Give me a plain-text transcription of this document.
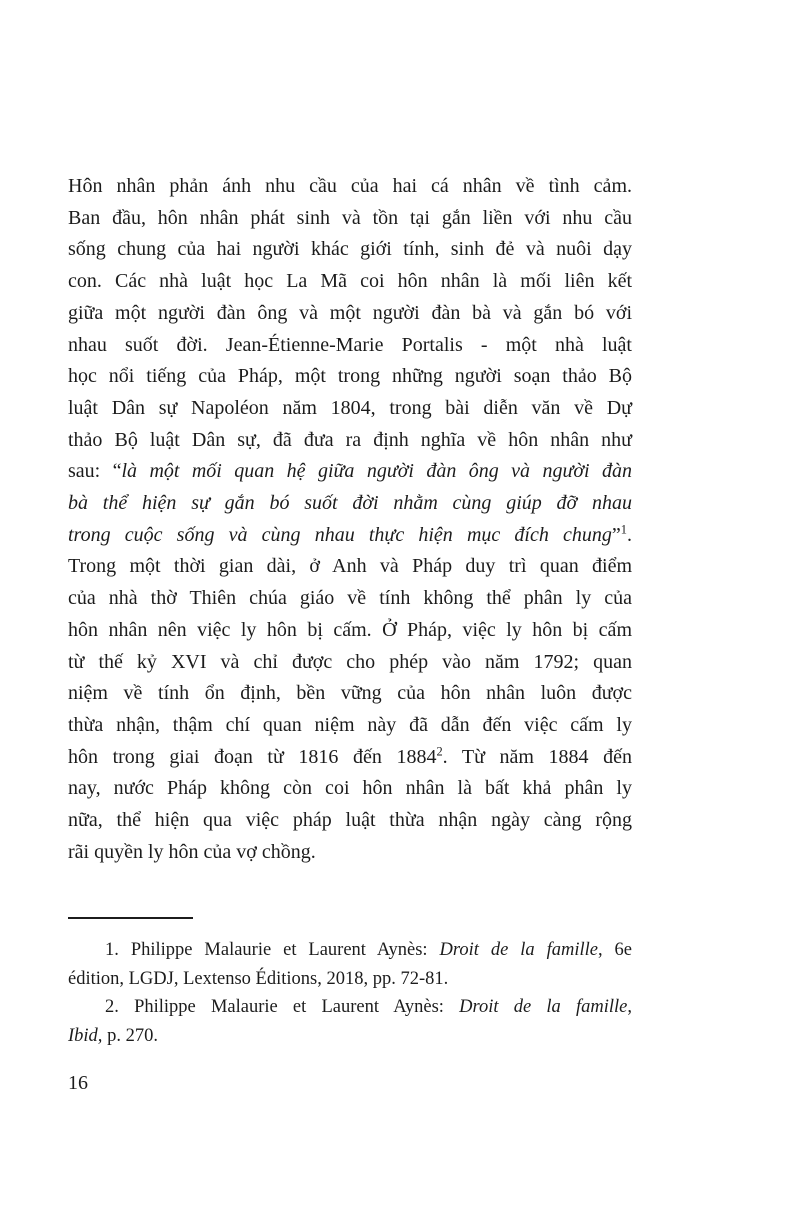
Hôn nhân phản ánh nhu cầu của hai cá nhân về tình cảm.
Ban đầu, hôn nhân phát sinh và tồn tại gắn liền với nhu cầu
sống chung của hai người khác giới tính, sinh đẻ và nuôi dạy
con. Các nhà luật học La Mã coi hôn nhân là mối liên kết
giữa một người đàn ông và một người đàn bà và gắn bó với
nhau suốt đời. Jean-Étienne-Marie Portalis - một nhà luật
học nổi tiếng của Pháp, một trong những người soạn thảo Bộ
luật Dân sự Napoléon năm 1804, trong bài diễn văn về Dự
thảo Bộ luật Dân sự, đã đưa ra định nghĩa về hôn nhân như
sau: “là một mối quan hệ giữa người đàn ông và người đàn
bà thể hiện sự gắn bó suốt đời nhằm cùng giúp đỡ nhau
trong cuộc sống và cùng nhau thực hiện mục đích chung”$^1$.
Trong một thời gian dài, ở Anh và Pháp duy trì quan điểm
của nhà thờ Thiên chúa giáo về tính không thể phân ly của
hôn nhân nên việc ly hôn bị cấm. Ở Pháp, việc ly hôn bị cấm
từ thế kỷ XVI và chỉ được cho phép vào năm 1792; quan
niệm về tính ổn định, bền vững của hôn nhân luôn được
thừa nhận, thậm chí quan niệm này đã dẫn đến việc cấm ly
hôn trong giai đoạn từ 1816 đến 1884$^2$. Từ năm 1884 đến
nay, nước Pháp không còn coi hôn nhân là bất khả phân ly
nữa, thể hiện qua việc pháp luật thừa nhận ngày càng rộng
rãi quyền ly hôn của vợ chồng.
1. Philippe Malaurie et Laurent Aynès: Droit de la famille, 6e
édition, LGDJ, Lextenso Éditions, 2018, pp. 72-81.
2. Philippe Malaurie et Laurent Aynès: Droit de la famille,
Ibid, p. 270.
16
